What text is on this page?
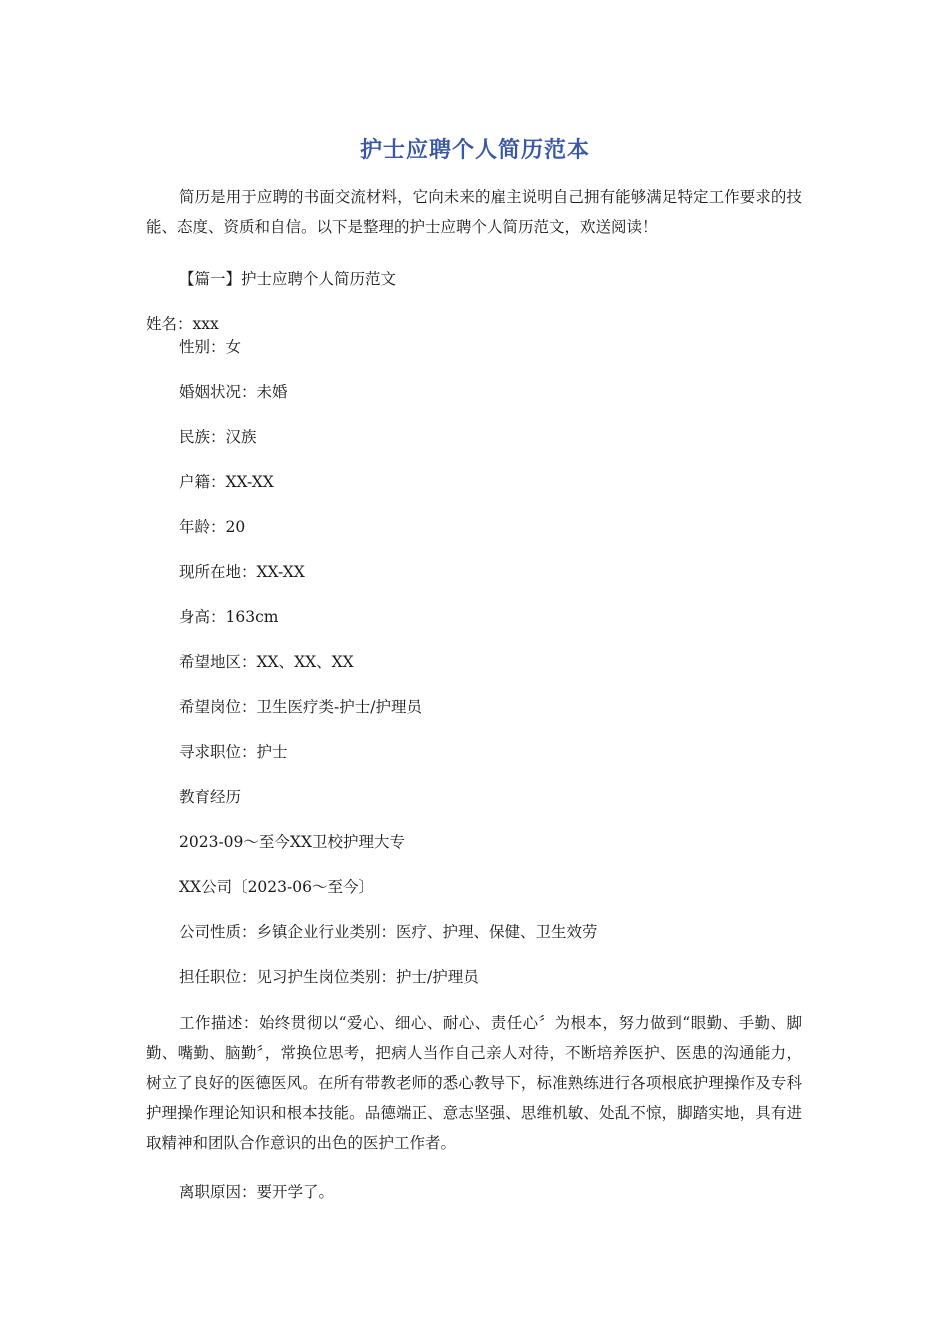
护士应聘个人简历范本
简历是用于应聘的书面交流材料，它向未来的雇主说明自己拥有能够满足特定工作要求的技能、态度、资质和自信。以下是整理的护士应聘个人简历范文，欢送阅读！
【篇一】护士应聘个人简历范文
姓名：xxx
性别：女
婚姻状况：未婚
民族：汉族
户籍：XX-XX
年龄：20
现所在地：XX-XX
身高：163cm
希望地区：XX、XX、XX
希望岗位：卫生医疗类-护士/护理员
寻求职位：护士
教育经历
2023-09～至今XX卫校护理大专
XX公司〔2023-06～至今〕
公司性质：乡镇企业行业类别：医疗、护理、保健、卫生效劳
担任职位：见习护生岗位类别：护士/护理员
工作描述：始终贯彻以“爱心、细心、耐心、责任心〞为根本，努力做到“眼勤、手勤、脚勤、嘴勤、脑勤〞，常换位思考，把病人当作自己亲人对待，不断培养医护、医患的沟通能力，树立了良好的医德医风。在所有带教老师的悉心教导下，标准熟练进行各项根底护理操作及专科护理操作理论知识和根本技能。品德端正、意志坚强、思维机敏、处乱不惊，脚踏实地，具有进取精神和团队合作意识的出色的医护工作者。
离职原因：要开学了。
